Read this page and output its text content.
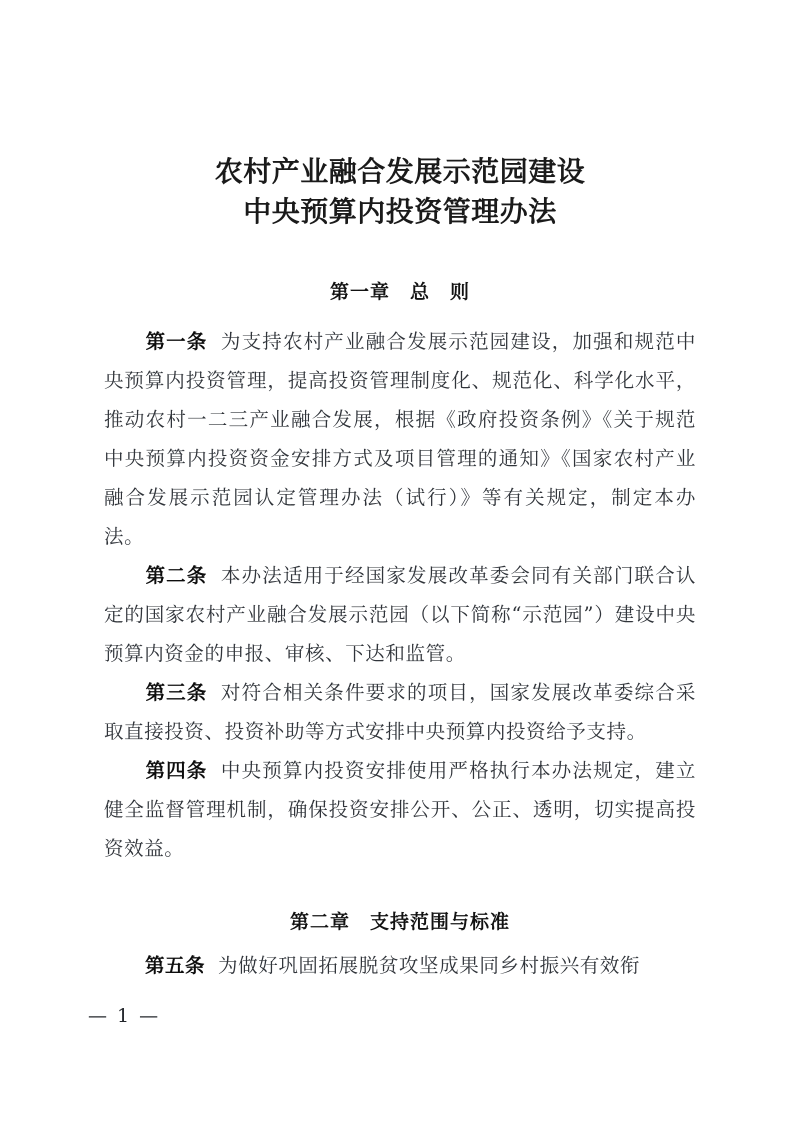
农村产业融合发展示范园建设
中央预算内投资管理办法
第一章　总　则
第一条 为支持农村产业融合发展示范园建设，加强和规范中央预算内投资管理，提高投资管理制度化、规范化、科学化水平，推动农村一二三产业融合发展，根据《政府投资条例》《关于规范中央预算内投资资金安排方式及项目管理的通知》《国家农村产业融合发展示范园认定管理办法（试行）》等有关规定，制定本办法。
第二条 本办法适用于经国家发展改革委会同有关部门联合认定的国家农村产业融合发展示范园（以下简称“示范园”）建设中央预算内资金的申报、审核、下达和监管。
第三条 对符合相关条件要求的项目，国家发展改革委综合采取直接投资、投资补助等方式安排中央预算内投资给予支持。
第四条 中央预算内投资安排使用严格执行本办法规定，建立健全监督管理机制，确保投资安排公开、公正、透明，切实提高投资效益。
第二章　支持范围与标准
第五条 为做好巩固拓展脱贫攻坚成果同乡村振兴有效衔
— 1 —
